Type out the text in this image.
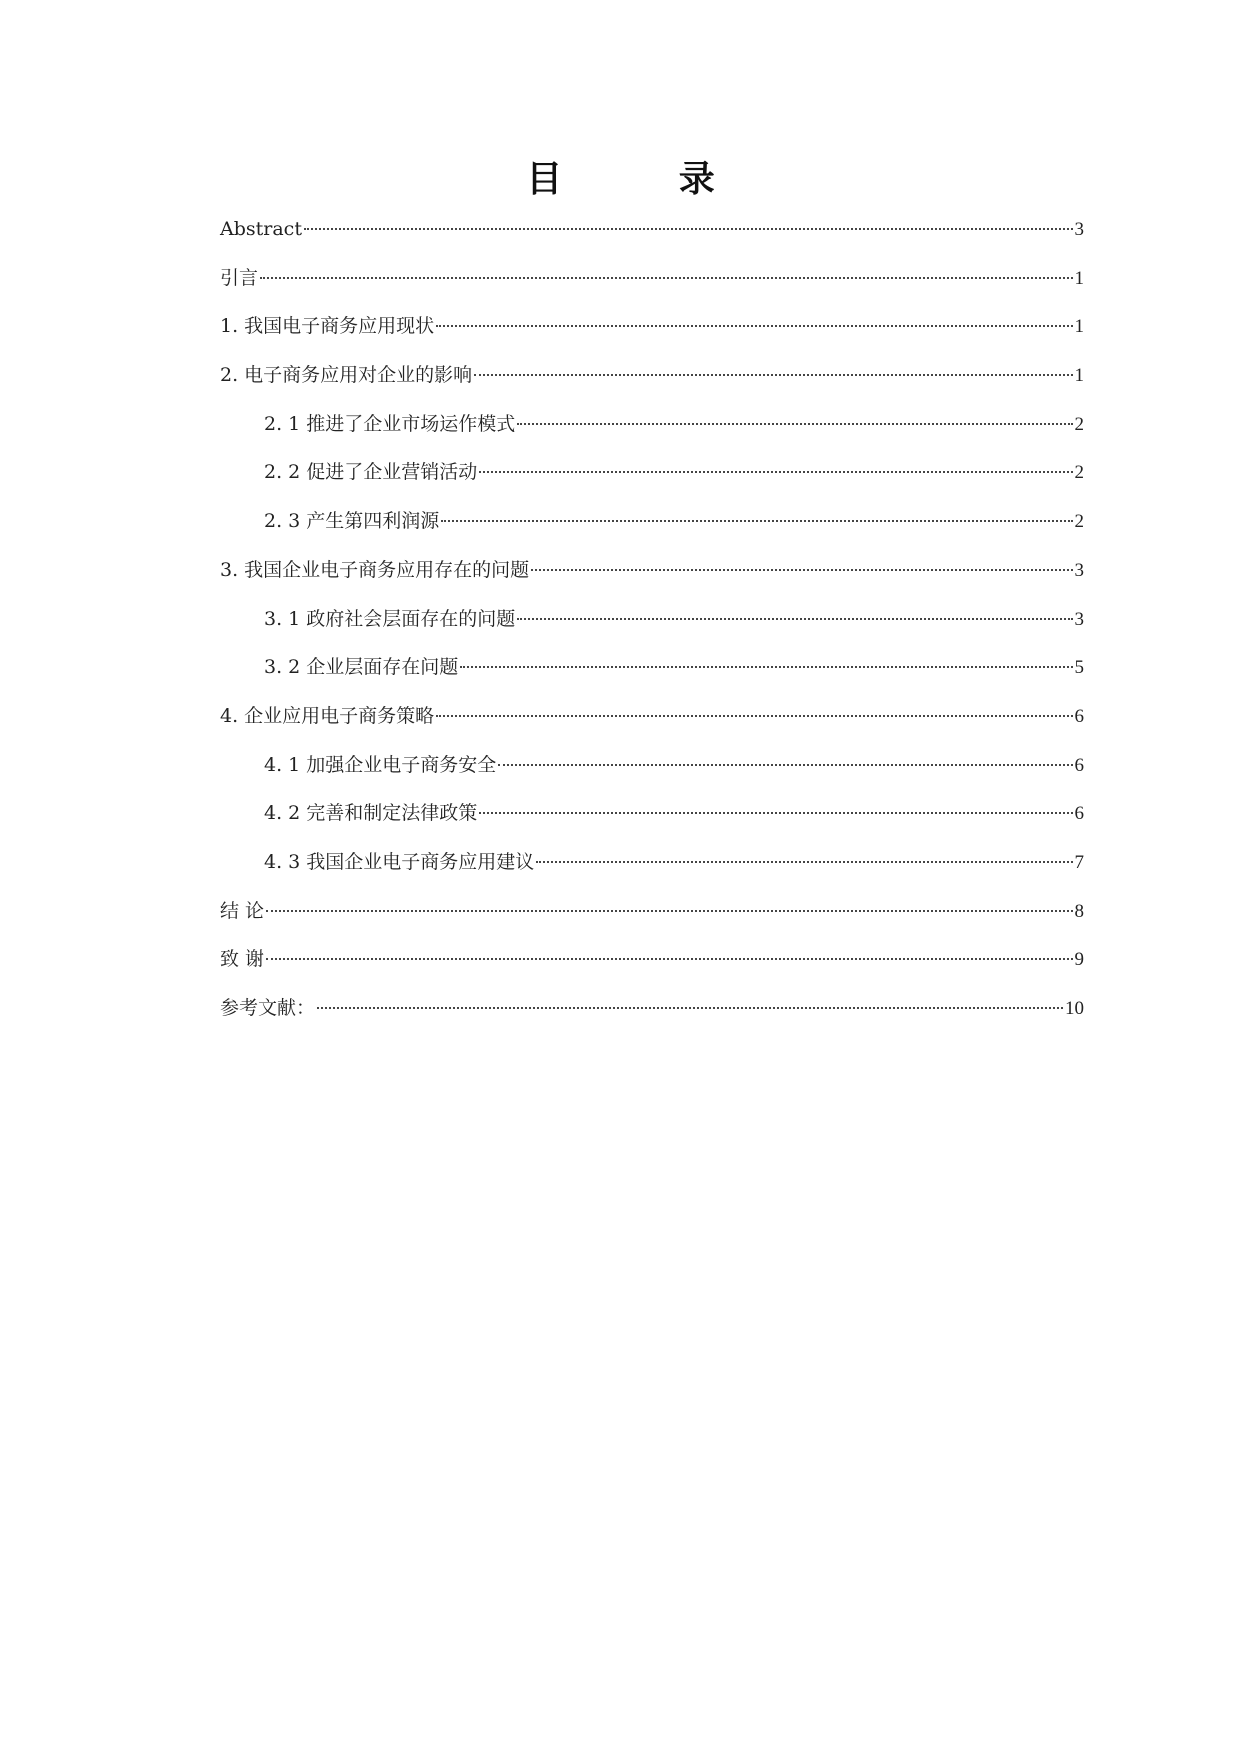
目 录
Abstract	3
引言	1
1. 我国电子商务应用现状	1
2. 电子商务应用对企业的影响	1
2. 1 推进了企业市场运作模式	2
2. 2 促进了企业营销活动	2
2. 3 产生第四利润源	2
3. 我国企业电子商务应用存在的问题	3
3. 1 政府社会层面存在的问题	3
3. 2 企业层面存在问题	5
4. 企业应用电子商务策略	6
4. 1 加强企业电子商务安全	6
4. 2 完善和制定法律政策	6
4. 3 我国企业电子商务应用建议	7
结 论	8
致 谢	9
参考文献：	10
